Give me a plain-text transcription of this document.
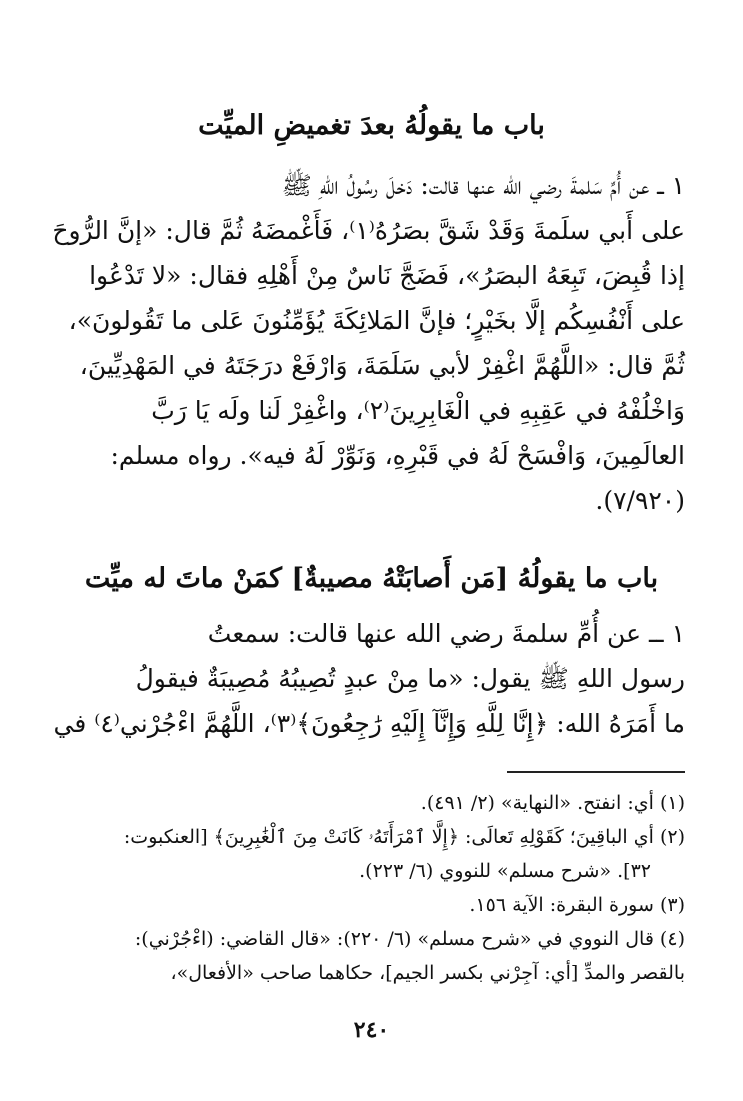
باب ما يقولُهُ بعدَ تغميضِ الميِّت
١ ــ عن أُمِّ سَلمةَ رضي الله عنها قالت: دَخلَ رسُولُ اللهِ ﷺ
على أَبي سلَمةَ وَقَدْ شَقَّ بصَرُهُ⁽١⁾، فَأَغْمضَهُ ثُمَّ قال: «إنَّ الرُّوحَ
إذا قُبِضَ، تَبِعَهُ البصَرُ»، فَضَجَّ نَاسٌ مِنْ أَهْلِهِ فقال: «لا تَدْعُوا
على أَنْفُسِكُم إلَّا بخَيْرٍ؛ فإنَّ المَلائِكَةَ يُؤَمِّنُونَ عَلى ما تَقُولونَ»،
ثُمَّ قال: «اللَّهُمَّ اغْفِرْ لأبي سَلَمَةَ، وَارْفَعْ درَجَتَهُ في المَهْدِيِّينَ،
وَاخْلُفْهُ في عَقِبِهِ في الْغَابِرِينَ⁽٢⁾، واغْفِرْ لَنا ولَه يَا رَبَّ
العالَمِينَ، وَافْسَحْ لَهُ في قَبْرِهِ، وَنَوِّرْ لَهُ فيه». رواه مسلم:
(٧/٩٢٠).
باب ما يقولُهُ [مَن أَصابَتْهُ مصيبةٌ] كمَنْ ماتَ له ميِّت
١ ــ عن أُمِّ سلمةَ رضي الله عنها قالت: سمعتُ
رسول اللهِ ﷺ يقول: «ما مِنْ عبدٍ تُصِيبُهُ مُصِيبَةٌ فيقولُ
ما أَمَرَهُ الله: ﴿إِنَّا لِلَّهِ وَإِنَّآ إِلَيْهِ رَٰجِعُونَ﴾⁽٣⁾، اللَّهُمَّ اءْجُرْني⁽٤⁾ في
(١) أي: انفتح. «النهاية» (٢/ ٤٩١).
(٢) أي الباقِينَ؛ كَقَوْلِهِ تَعالَى: ﴿إِلَّا ٱمْرَأَتَهُۥ كَانَتْ مِنَ ٱلْغَٰبِرِينَ﴾ [العنكبوت:
٣٢]. «شرح مسلم» للنووي (٦/ ٢٢٣).
(٣) سورة البقرة: الآية ١٥٦.
(٤) قال النووي في «شرح مسلم» (٦/ ٢٢٠): «قال القاضي: (اءْجُرْني):
بالقصر والمدِّ [أي: آجِرْني بكسر الجيم]، حكاهما صاحب «الأفعال»،
٢٤٠
